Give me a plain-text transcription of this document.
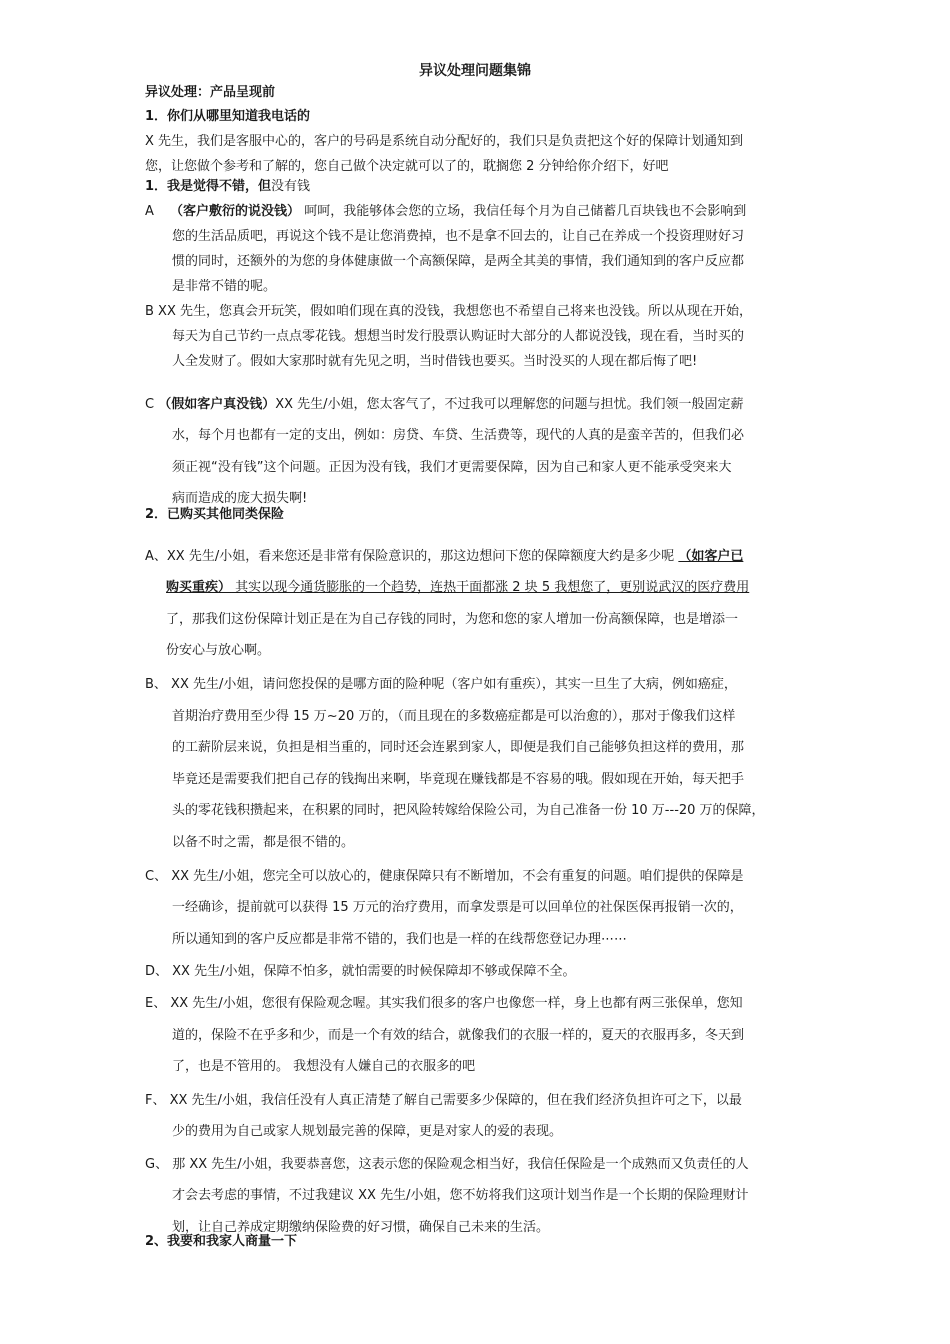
异议处理问题集锦
异议处理：产品呈现前
1．你们从哪里知道我电话的
X 先生，我们是客服中心的，客户的号码是系统自动分配好的，我们只是负责把这个好的保障计划通知到
您，让您做个参考和了解的，您自己做个决定就可以了的，耽搁您 2 分钟给你介绍下，好吧
1．我是觉得不错，但没有钱
A （客户敷衍的说没钱） 呵呵，我能够体会您的立场，我信任每个月为自己储蓄几百块钱也不会影响到
您的生活品质吧，再说这个钱不是让您消费掉，也不是拿不回去的，让自己在养成一个投资理财好习
惯的同时，还额外的为您的身体健康做一个高额保障，是两全其美的事情，我们通知到的客户反应都
是非常不错的呢。
B XX 先生，您真会开玩笑，假如咱们现在真的没钱，我想您也不希望自己将来也没钱。所以从现在开始，
每天为自己节约一点点零花钱。想想当时发行股票认购证时大部分的人都说没钱，现在看，当时买的
人全发财了。假如大家那时就有先见之明，当时借钱也要买。当时没买的人现在都后悔了吧!
C （假如客户真没钱）XX 先生/小姐，您太客气了，不过我可以理解您的问题与担忧。我们领一般固定薪
水，每个月也都有一定的支出，例如：房贷、车贷、生活费等，现代的人真的是蛮辛苦的，但我们必
须正视“没有钱”这个问题。正因为没有钱，我们才更需要保障，因为自己和家人更不能承受突来大
病而造成的庞大损失啊!
2．已购买其他同类保险
A、XX 先生/小姐，看来您还是非常有保险意识的，那这边想问下您的保障额度大约是多少呢 （如客户已
购买重疾） 其实以现今通货膨胀的一个趋势，连热干面都涨 2 块 5 我想您了，更别说武汉的医疗费用
了，那我们这份保障计划正是在为自己存钱的同时，为您和您的家人增加一份高额保障，也是增添一
份安心与放心啊。
B、 XX 先生/小姐，请问您投保的是哪方面的险种呢（客户如有重疾），其实一旦生了大病，例如癌症，
首期治疗费用至少得 15 万~20 万的，（而且现在的多数癌症都是可以治愈的），那对于像我们这样
的工薪阶层来说，负担是相当重的，同时还会连累到家人，即便是我们自己能够负担这样的费用，那
毕竟还是需要我们把自己存的钱掏出来啊，毕竟现在赚钱都是不容易的哦。假如现在开始，每天把手
头的零花钱积攒起来，在积累的同时，把风险转嫁给保险公司，为自己准备一份 10 万---20 万的保障，
以备不时之需，都是很不错的。
C、 XX 先生/小姐，您完全可以放心的，健康保障只有不断增加，不会有重复的问题。咱们提供的保障是
一经确诊，提前就可以获得 15 万元的治疗费用，而拿发票是可以回单位的社保医保再报销一次的，
所以通知到的客户反应都是非常不错的，我们也是一样的在线帮您登记办理⋯⋯
D、 XX 先生/小姐，保障不怕多，就怕需要的时候保障却不够或保障不全。
E、 XX 先生/小姐，您很有保险观念喔。其实我们很多的客户也像您一样，身上也都有两三张保单，您知
道的，保险不在乎多和少，而是一个有效的结合，就像我们的衣服一样的，夏天的衣服再多，冬天到
了，也是不管用的。 我想没有人嫌自己的衣服多的吧
F、 XX 先生/小姐，我信任没有人真正清楚了解自己需要多少保障的，但在我们经济负担许可之下，以最
少的费用为自己或家人规划最完善的保障，更是对家人的爱的表现。
G、 那 XX 先生/小姐，我要恭喜您，这表示您的保险观念相当好，我信任保险是一个成熟而又负责任的人
才会去考虑的事情，不过我建议 XX 先生/小姐，您不妨将我们这项计划当作是一个长期的保险理财计
划，让自己养成定期缴纳保险费的好习惯，确保自己未来的生活。
2、我要和我家人商量一下
